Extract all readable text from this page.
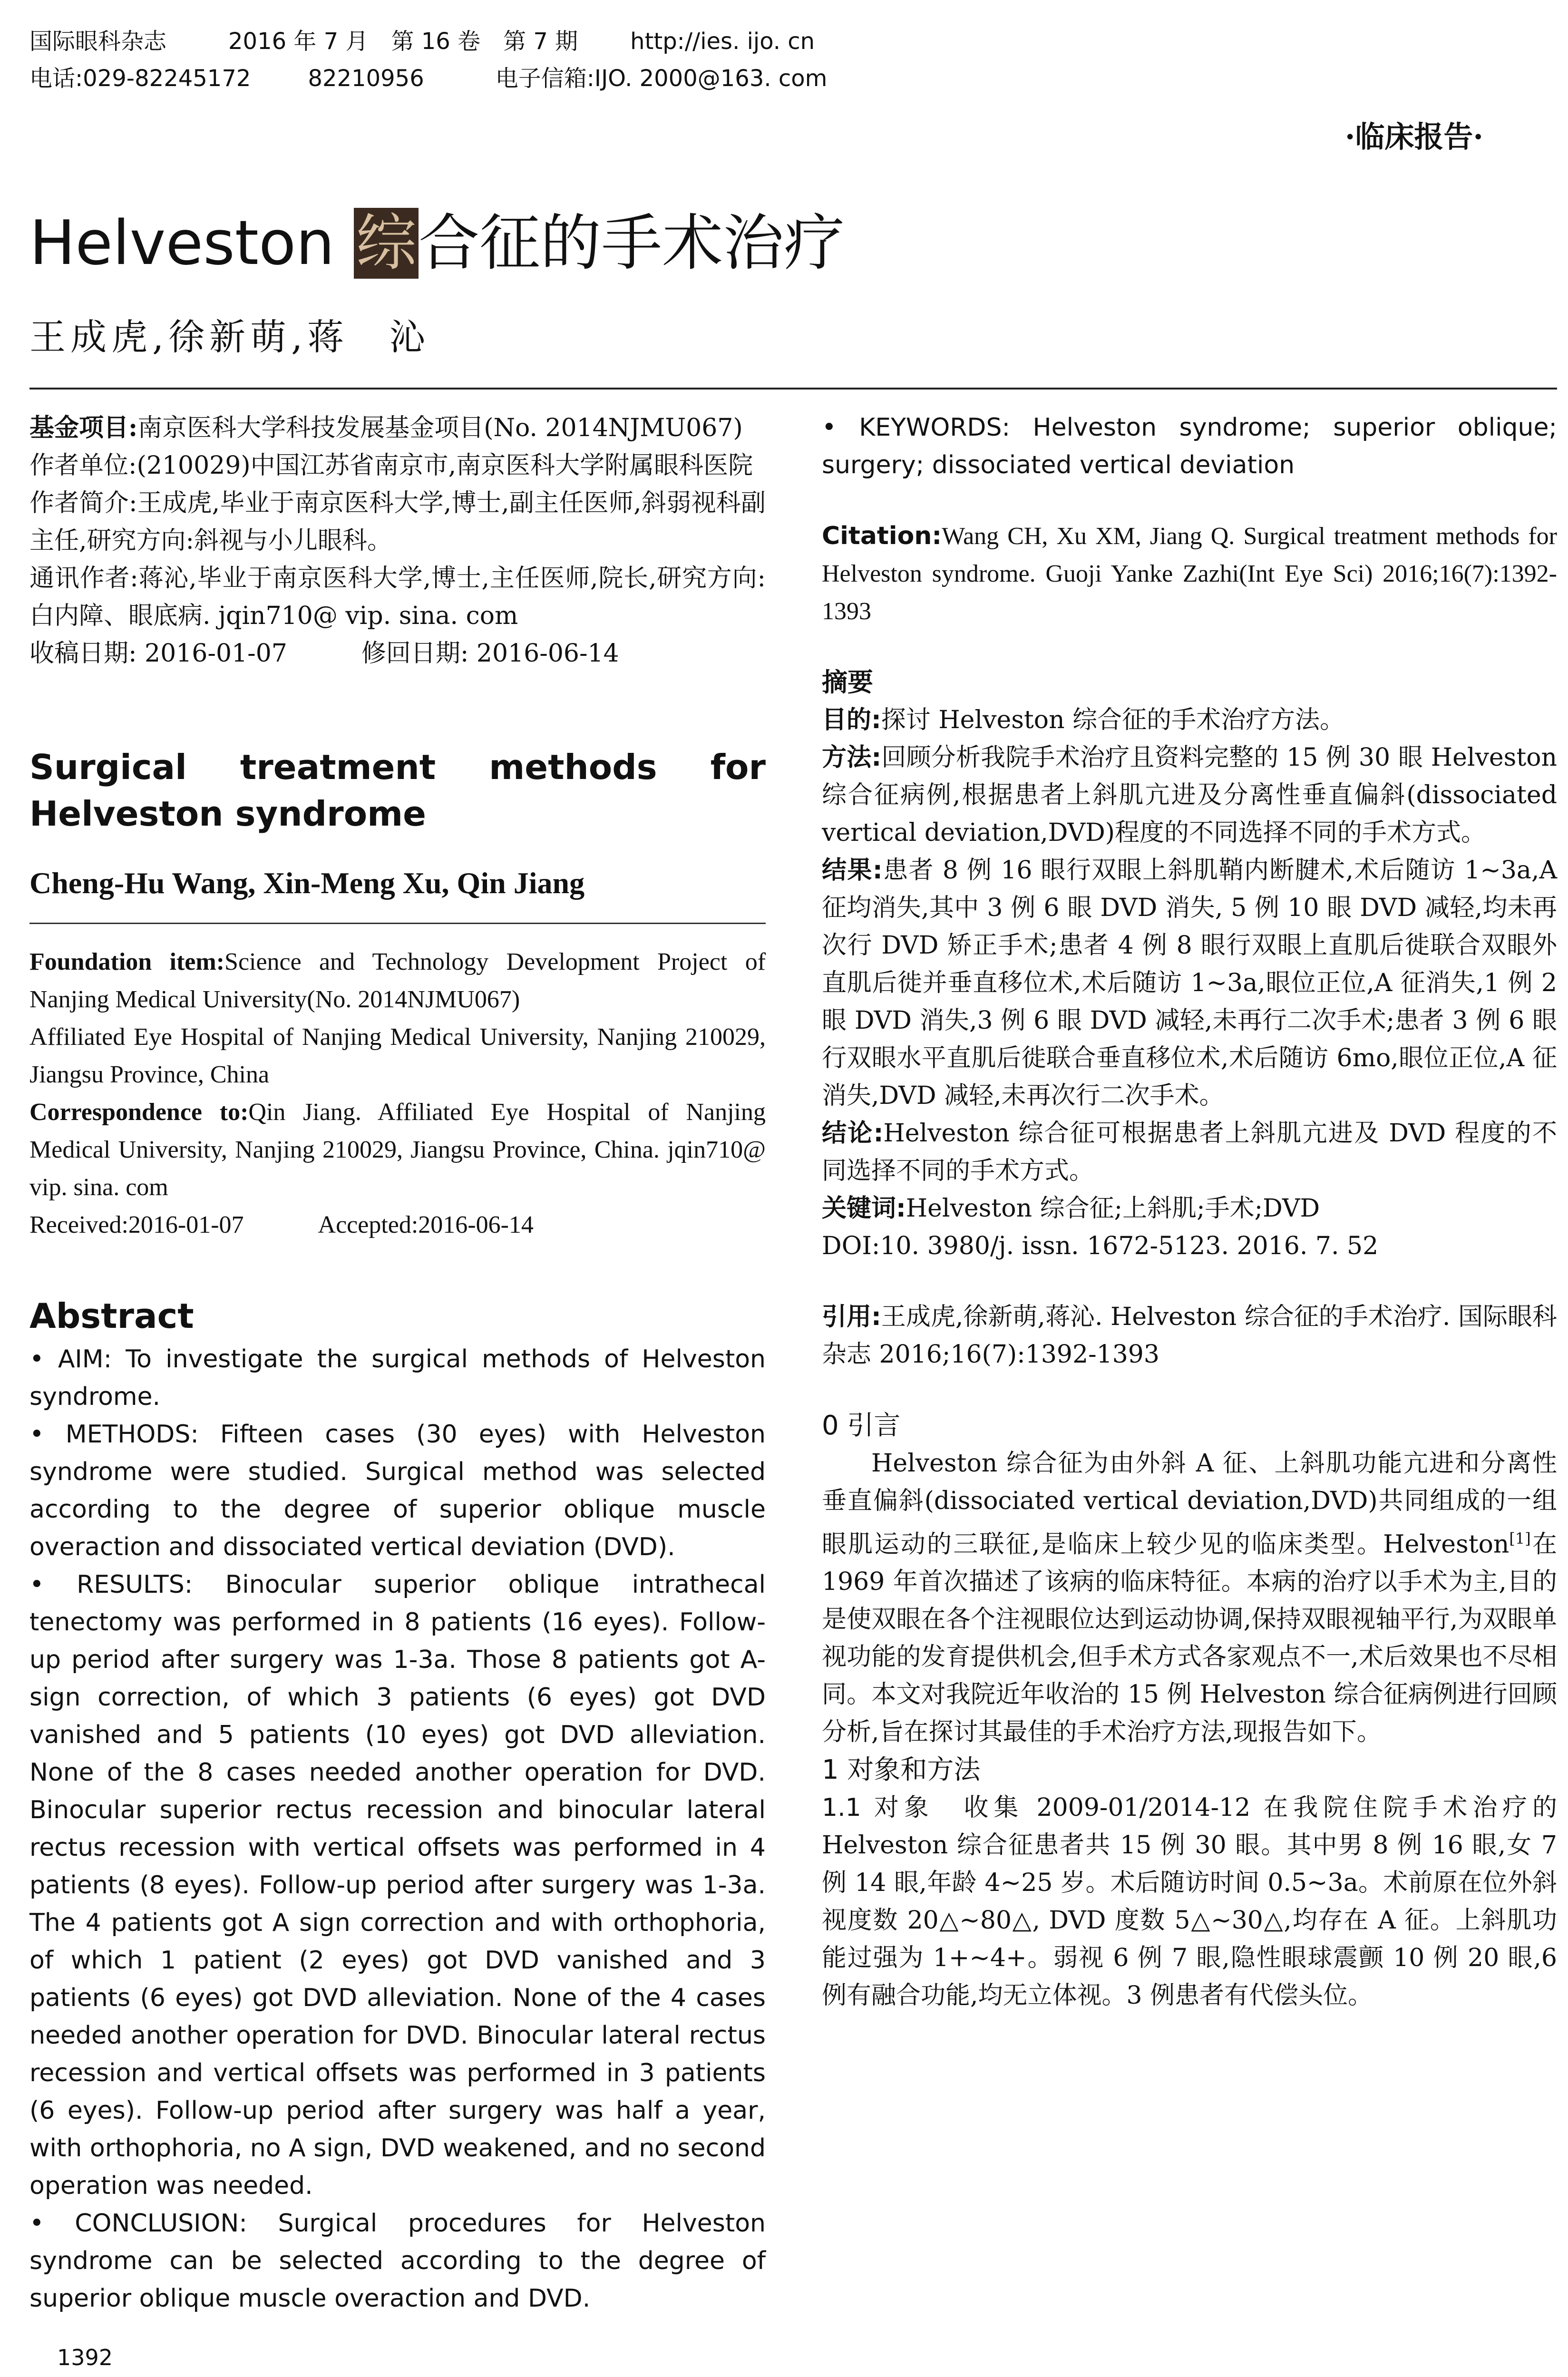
国际眼科杂志	2016 年 7 月　第 16 卷　第 7 期 http://ies. ijo. cn
电话:029-82245172	82210956	电子信箱:IJO. 2000@163. com
·临床报告·
Helveston 综合征的手术治疗
王成虎,徐新萌,蒋　沁

基金项目:南京医科大学科技发展基金项目(No. 2014NJMU067)

作者单位:(210029)中国江苏省南京市,南京医科大学附属眼科医院

作者简介:王成虎,毕业于南京医科大学,博士,副主任医师,斜弱视科副主任,研究方向:斜视与小儿眼科。

通讯作者:蒋沁,毕业于南京医科大学,博士,主任医师,院长,研究方向:白内障、眼底病. jqin710@ vip. sina. com

收稿日期: 2016-01-07　　　修回日期: 2016-06-14

Surgical treatment methods for

Helveston syndrome
Cheng-Hu Wang, Xin-Meng Xu, Qin Jiang

Foundation item:Science and Technology Development Project of Nanjing Medical University(No. 2014NJMU067)

Affiliated Eye Hospital of Nanjing Medical University, Nanjing 210029, Jiangsu Province, China

Correspondence to:Qin Jiang. Affiliated Eye Hospital of Nanjing Medical University, Nanjing 210029, Jiangsu Province, China. jqin710@ vip. sina. com

Received:2016-01-07　　　Accepted:2016-06-14

Abstract

• AIM: To investigate the surgical methods of Helveston syndrome.

• METHODS: Fifteen cases (30 eyes) with Helveston syndrome were studied. Surgical method was selected according to the degree of superior oblique muscle overaction and dissociated vertical deviation (DVD).

• RESULTS: Binocular superior oblique intrathecal tenectomy was performed in 8 patients (16 eyes). Follow-up period after surgery was 1-3a. Those 8 patients got A-sign correction, of which 3 patients (6 eyes) got DVD vanished and 5 patients (10 eyes) got DVD alleviation. None of the 8 cases needed another operation for DVD. Binocular superior rectus recession and binocular lateral rectus recession with vertical offsets was performed in 4 patients (8 eyes). Follow-up period after surgery was 1-3a. The 4 patients got A sign correction and with orthophoria, of which 1 patient (2 eyes) got DVD vanished and 3 patients (6 eyes) got DVD alleviation. None of the 4 cases needed another operation for DVD. Binocular lateral rectus recession and vertical offsets was performed in 3 patients (6 eyes). Follow-up period after surgery was half a year, with orthophoria, no A sign, DVD weakened, and no second operation was needed.

• CONCLUSION: Surgical procedures for Helveston syndrome can be selected according to the degree of superior oblique muscle overaction and DVD.

• KEYWORDS: Helveston syndrome; superior oblique; surgery; dissociated vertical deviation

Citation:Wang CH, Xu XM, Jiang Q. Surgical treatment methods for Helveston syndrome. Guoji Yanke Zazhi(Int Eye Sci) 2016;16(7):1392-1393

摘要

目的:探讨 Helveston 综合征的手术治疗方法。

方法:回顾分析我院手术治疗且资料完整的 15 例 30 眼 Helveston 综合征病例,根据患者上斜肌亢进及分离性垂直偏斜(dissociated vertical deviation,DVD)程度的不同选择不同的手术方式。

结果:患者 8 例 16 眼行双眼上斜肌鞘内断腱术,术后随访 1~3a,A 征均消失,其中 3 例 6 眼 DVD 消失, 5 例 10 眼 DVD 减轻,均未再次行 DVD 矫正手术;患者 4 例 8 眼行双眼上直肌后徙联合双眼外直肌后徙并垂直移位术,术后随访 1~3a,眼位正位,A 征消失,1 例 2 眼 DVD 消失,3 例 6 眼 DVD 减轻,未再行二次手术;患者 3 例 6 眼行双眼水平直肌后徙联合垂直移位术,术后随访 6mo,眼位正位,A 征消失,DVD 减轻,未再次行二次手术。

结论:Helveston 综合征可根据患者上斜肌亢进及 DVD 程度的不同选择不同的手术方式。

关键词:Helveston 综合征;上斜肌;手术;DVD

DOI:10. 3980/j. issn. 1672-5123. 2016. 7. 52

引用:王成虎,徐新萌,蒋沁. Helveston 综合征的手术治疗. 国际眼科杂志 2016;16(7):1392-1393

0 引言

Helveston 综合征为由外斜 A 征、上斜肌功能亢进和分离性垂直偏斜(dissociated vertical deviation,DVD)共同组成的一组眼肌运动的三联征,是临床上较少见的临床类型。Helveston[1]在 1969 年首次描述了该病的临床特征。本病的治疗以手术为主,目的是使双眼在各个注视眼位达到运动协调,保持双眼视轴平行,为双眼单视功能的发育提供机会,但手术方式各家观点不一,术后效果也不尽相同。本文对我院近年收治的 15 例 Helveston 综合征病例进行回顾分析,旨在探讨其最佳的手术治疗方法,现报告如下。

1 对象和方法

1.1 对象　 收集 2009-01/2014-12 在我院住院手术治疗的 Helveston 综合征患者共 15 例 30 眼。其中男 8 例 16 眼,女 7 例 14 眼,年龄 4~25 岁。术后随访时间 0.5~3a。术前原在位外斜视度数 20△~80△, DVD 度数 5△~30△,均存在 A 征。上斜肌功能过强为 1+~4+。弱视 6 例 7 眼,隐性眼球震颤 10 例 20 眼,6 例有融合功能,均无立体视。3 例患者有代偿头位。

1392
